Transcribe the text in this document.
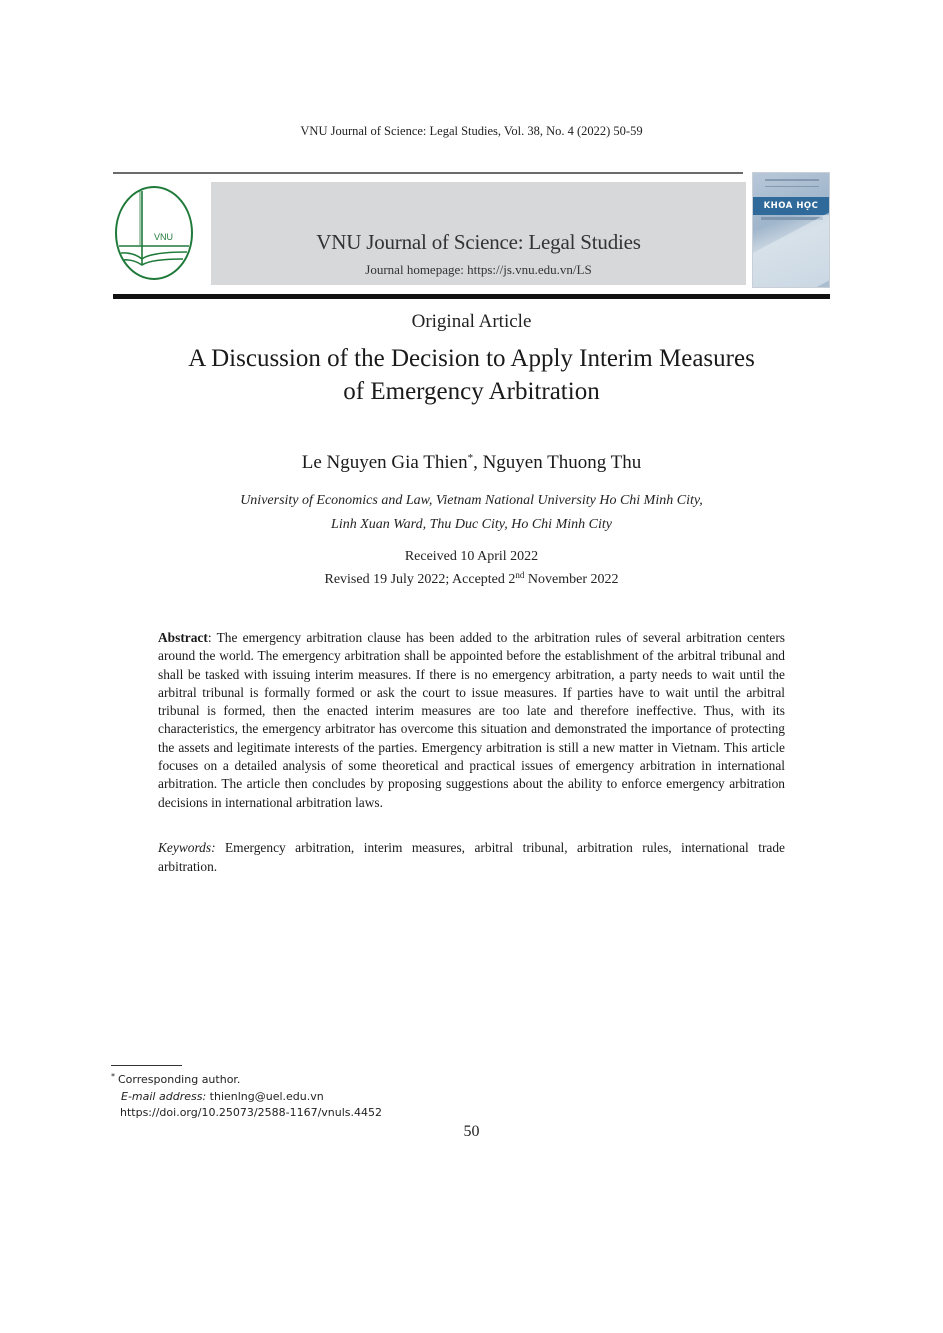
VNU Journal of Science: Legal Studies, Vol. 38, No. 4 (2022) 50-59
VNU	VNU Journal of Science: Legal Studies
Journal homepage: https://js.vnu.edu.vn/LS
KHOA HỌC
Original Article
A Discussion of the Decision to Apply Interim Measures
of Emergency Arbitration
Le Nguyen Gia Thien*, Nguyen Thuong Thu
University of Economics and Law, Vietnam National University Ho Chi Minh City,
Linh Xuan Ward, Thu Duc City, Ho Chi Minh City
Received 10 April 2022
Revised 19 July 2022; Accepted 2nd November 2022
Abstract: The emergency arbitration clause has been added to the arbitration rules of several arbitration centers around the world. The emergency arbitration shall be appointed before the establishment of the arbitral tribunal and shall be tasked with issuing interim measures. If there is no emergency arbitration, a party needs to wait until the arbitral tribunal is formally formed or ask the court to issue measures. If parties have to wait until the arbitral tribunal is formed, then the enacted interim measures are too late and therefore ineffective. Thus, with its characteristics, the emergency arbitrator has overcome this situation and demonstrated the importance of protecting the assets and legitimate interests of the parties. Emergency arbitration is still a new matter in Vietnam. This article focuses on a detailed analysis of some theoretical and practical issues of emergency arbitration in international arbitration. The article then concludes by proposing suggestions about the ability to enforce emergency arbitration decisions in international arbitration laws.
Keywords: Emergency arbitration, interim measures, arbitral tribunal, arbitration rules, international trade arbitration.
* Corresponding author.
E-mail address: thienlng@uel.edu.vn
https://doi.org/10.25073/2588-1167/vnuls.4452
50
